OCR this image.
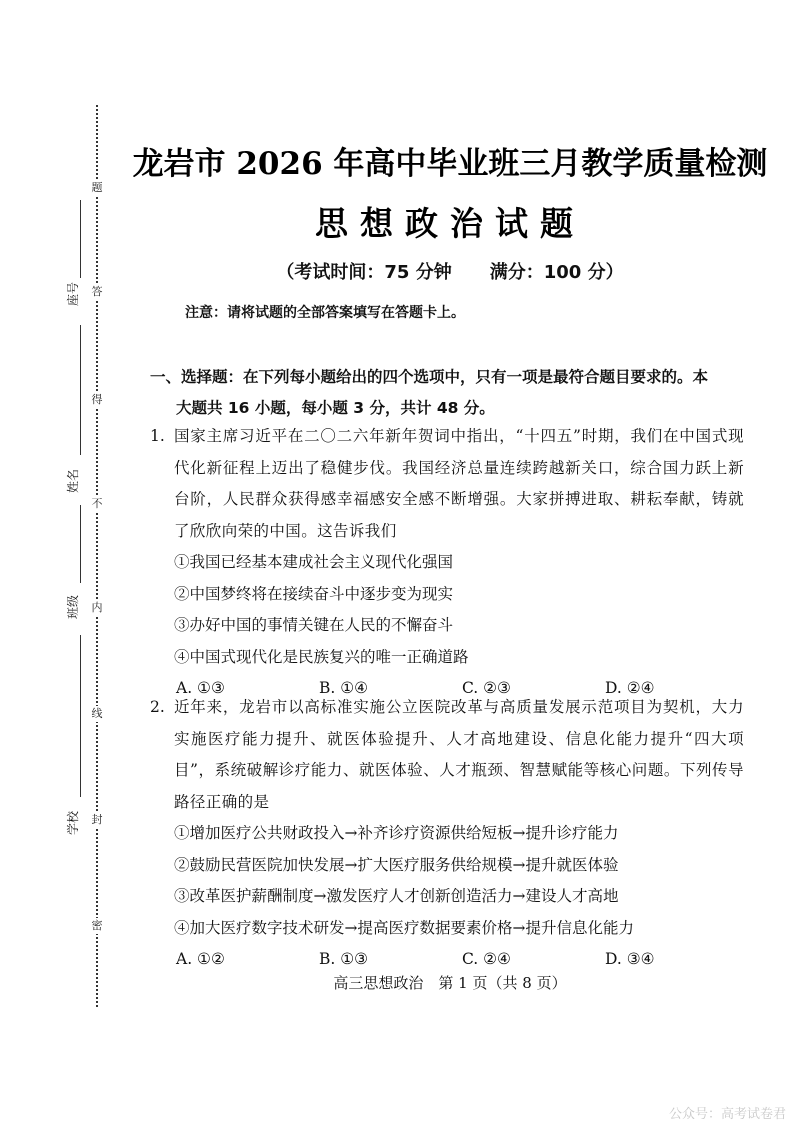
题
答
得
不
内
线
封
密
座号
姓名
班级
学校
龙岩市 2026 年高中毕业班三月教学质量检测
思想政治试题
（考试时间：75 分钟 满分：100 分）
注意：请将试题的全部答案填写在答题卡上。
一、选择题：在下列每小题给出的四个选项中，只有一项是最符合题目要求的。本
大题共 16 小题，每小题 3 分，共计 48 分。
1. 国家主席习近平在二〇二六年新年贺词中指出，“十四五”时期，我们在中国式现代化新征程上迈出了稳健步伐。我国经济总量连续跨越新关口，综合国力跃上新台阶，人民群众获得感幸福感安全感不断增强。大家拼搏进取、耕耘奉献，铸就了欣欣向荣的中国。这告诉我们
①我国已经基本建成社会主义现代化强国
②中国梦终将在接续奋斗中逐步变为现实
③办好中国的事情关键在人民的不懈奋斗
④中国式现代化是民族复兴的唯一正确道路
A. ①③	B. ①④	C. ②③	D. ②④
2. 近年来，龙岩市以高标准实施公立医院改革与高质量发展示范项目为契机，大力实施医疗能力提升、就医体验提升、人才高地建设、信息化能力提升“四大项目”，系统破解诊疗能力、就医体验、人才瓶颈、智慧赋能等核心问题。下列传导路径正确的是
①增加医疗公共财政投入→补齐诊疗资源供给短板→提升诊疗能力
②鼓励民营医院加快发展→扩大医疗服务供给规模→提升就医体验
③改革医护薪酬制度→激发医疗人才创新创造活力→建设人才高地
④加大医疗数字技术研发→提高医疗数据要素价格→提升信息化能力
A. ①②	B. ①③	C. ②④	D. ③④
高三思想政治　第 1 页（共 8 页）
公众号：高考试卷君
